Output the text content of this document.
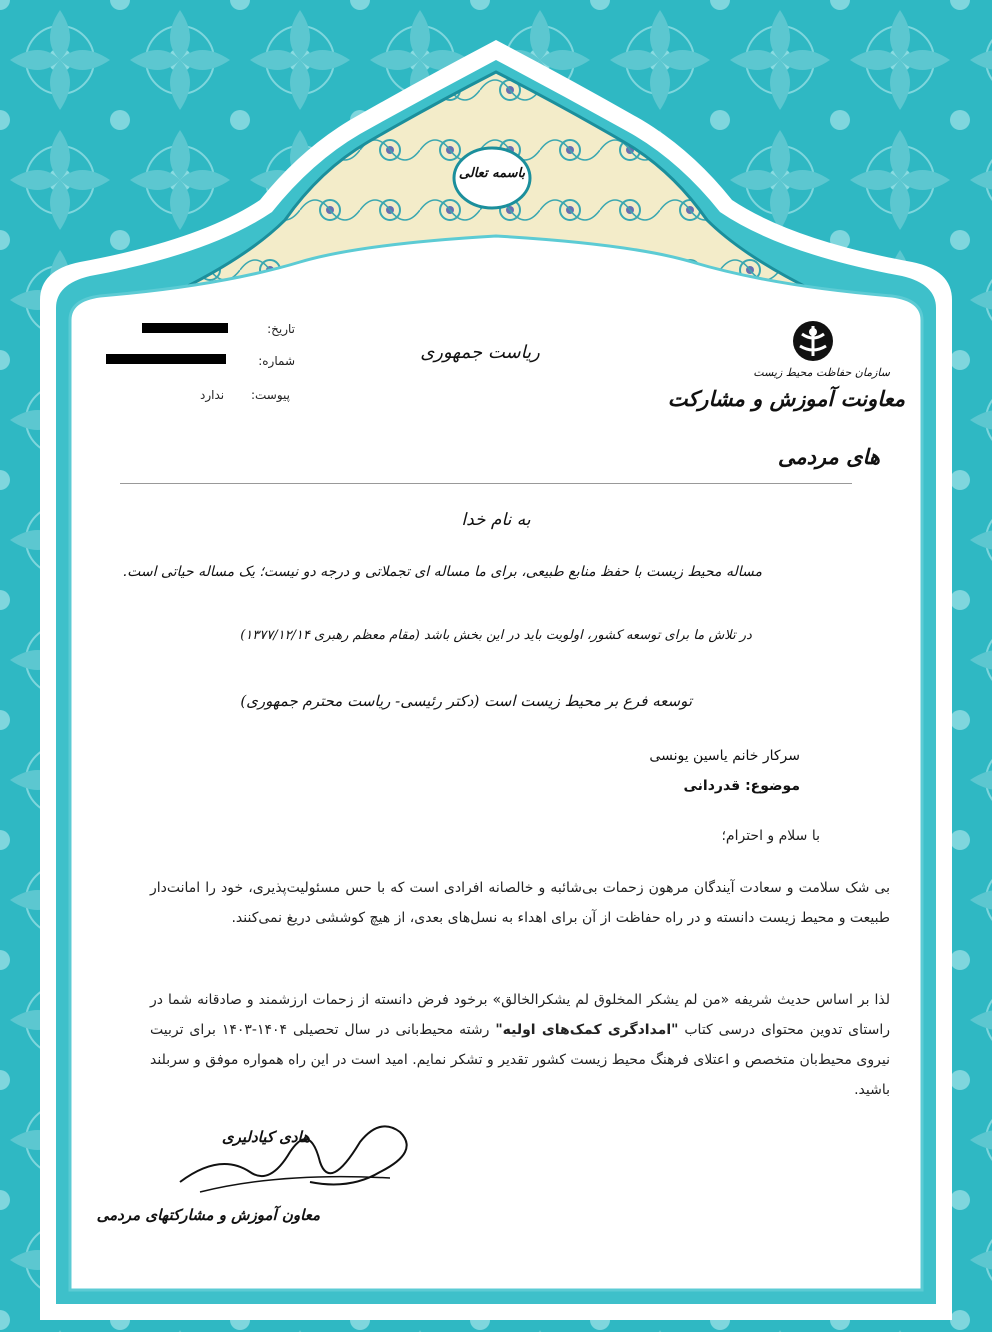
باسمه تعالی
سازمان حفاظت محیط زیست
معاونت آموزش و مشارکت
های مردمی
ریاست جمهوری
تاریخ:
شماره:
پیوست:
ندارد
به نام خدا
مساله محیط زیست با حفظ منابع طبیعی، برای ما مساله ای تجملاتی و درجه دو نیست؛ یک مساله حیاتی است.
در تلاش ما برای توسعه کشور، اولویت باید در این بخش باشد (مقام معظم رهبری ۱۳۷۷/۱۲/۱۴)
توسعه فرع بر محیط زیست است (دکتر رئیسی- ریاست محترم جمهوری)
سرکار خانم یاسین یونسی
موضوع: قدردانی
با سلام و احترام؛
بی شک سلامت و سعادت آیندگان مرهون زحمات بی‌شائبه و خالصانه افرادی است که با حس مسئولیت‌پذیری، خود را امانت‌دار طبیعت و محیط زیست دانسته و در راه حفاظت از آن برای اهداء به نسل‌های بعدی، از هیچ کوششی دریغ نمی‌کنند.
لذا بر اساس حدیث شریفه «من لم یشکر المخلوق لم یشکرالخالق» برخود فرض دانسته از زحمات ارزشمند و صادقانه شما در راستای تدوین محتوای درسی کتاب "امدادگری کمک‌های اولیه" رشته محیط‌بانی در سال تحصیلی ۱۴۰۴-۱۴۰۳ برای تربیت نیروی محیط‌بان متخصص و اعتلای فرهنگ محیط زیست کشور تقدیر و تشکر نمایم. امید است در این راه همواره موفق و سربلند باشید.
هادی کیادلیری
معاون آموزش و مشارکتهای مردمی
